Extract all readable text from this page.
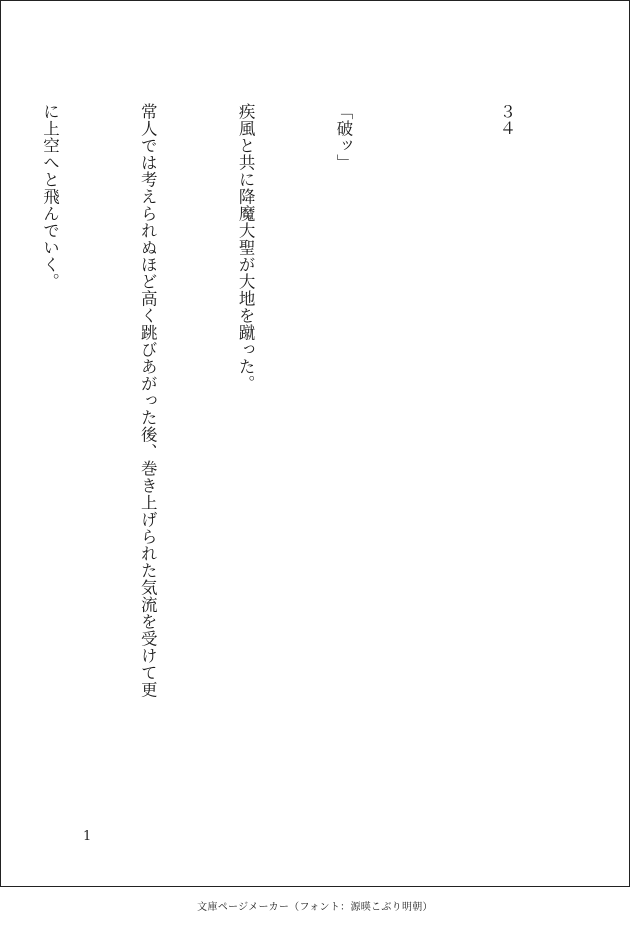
３４

「破ッ」

疾風と共に降魔大聖が大地を蹴った。

常人では考えられぬほど高く跳びあがった後、巻き上げられた気流を受けて更

に上空へと飛んでいく。

1
文庫ページメーカー（フォント：源暎こぶり明朝）
